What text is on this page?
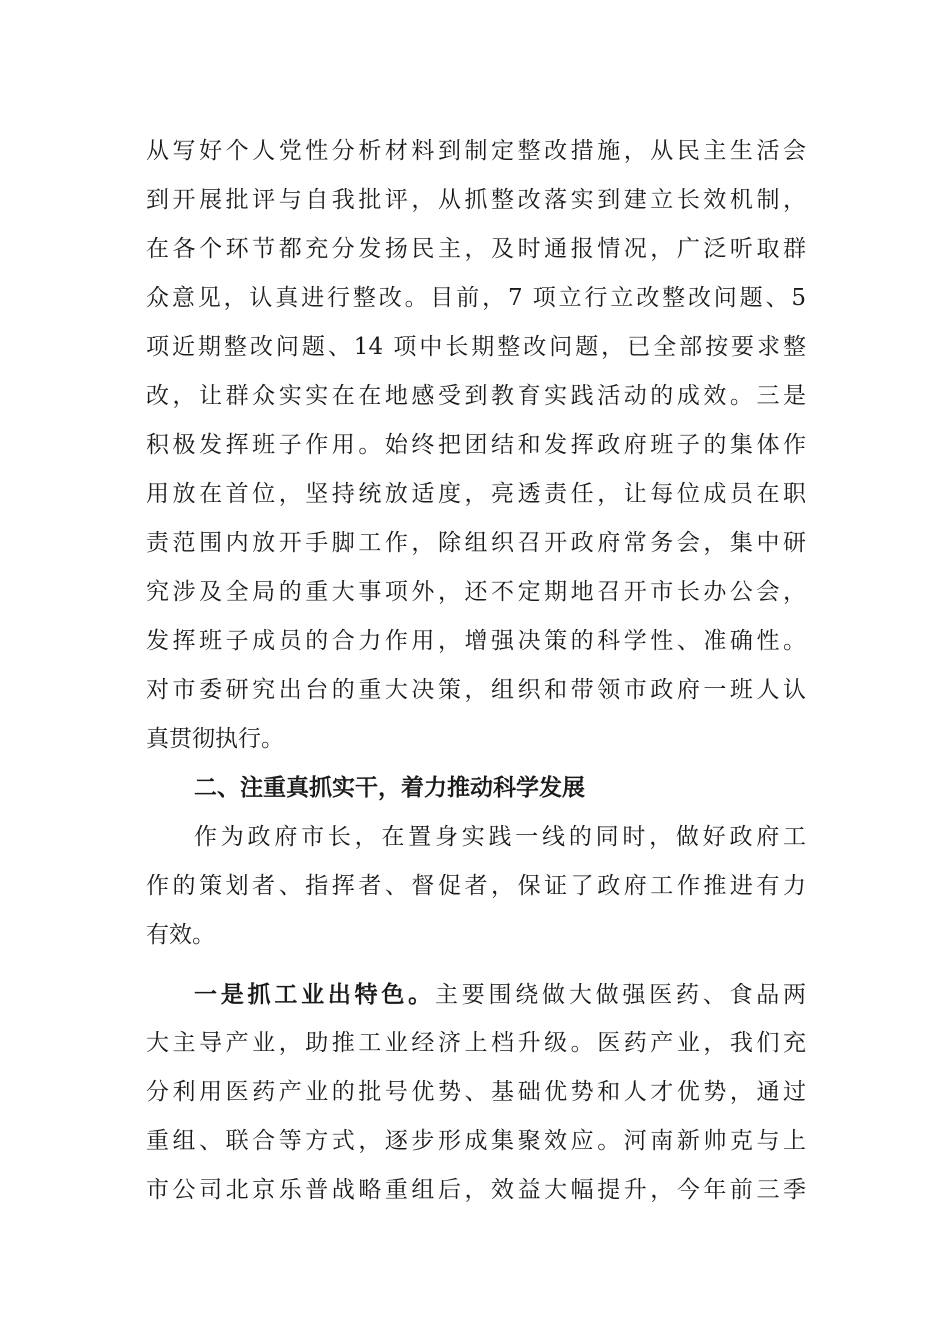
从写好个人党性分析材料到制定整改措施，从民主生活会
到开展批评与自我批评，从抓整改落实到建立长效机制，
在各个环节都充分发扬民主，及时通报情况，广泛听取群
众意见，认真进行整改。目前，7 项立行立改整改问题、5
项近期整改问题、14 项中长期整改问题，已全部按要求整
改，让群众实实在在地感受到教育实践活动的成效。三是
积极发挥班子作用。始终把团结和发挥政府班子的集体作
用放在首位，坚持统放适度，亮透责任，让每位成员在职
责范围内放开手脚工作，除组织召开政府常务会，集中研
究涉及全局的重大事项外，还不定期地召开市长办公会，
发挥班子成员的合力作用，增强决策的科学性、准确性。
对市委研究出台的重大决策，组织和带领市政府一班人认
真贯彻执行。
二、注重真抓实干，着力推动科学发展
作为政府市长，在置身实践一线的同时，做好政府工
作的策划者、指挥者、督促者，保证了政府工作推进有力
有效。
一是抓工业出特色。主要围绕做大做强医药、食品两
大主导产业，助推工业经济上档升级。医药产业，我们充
分利用医药产业的批号优势、基础优势和人才优势，通过
重组、联合等方式，逐步形成集聚效应。河南新帅克与上
市公司北京乐普战略重组后，效益大幅提升，今年前三季
